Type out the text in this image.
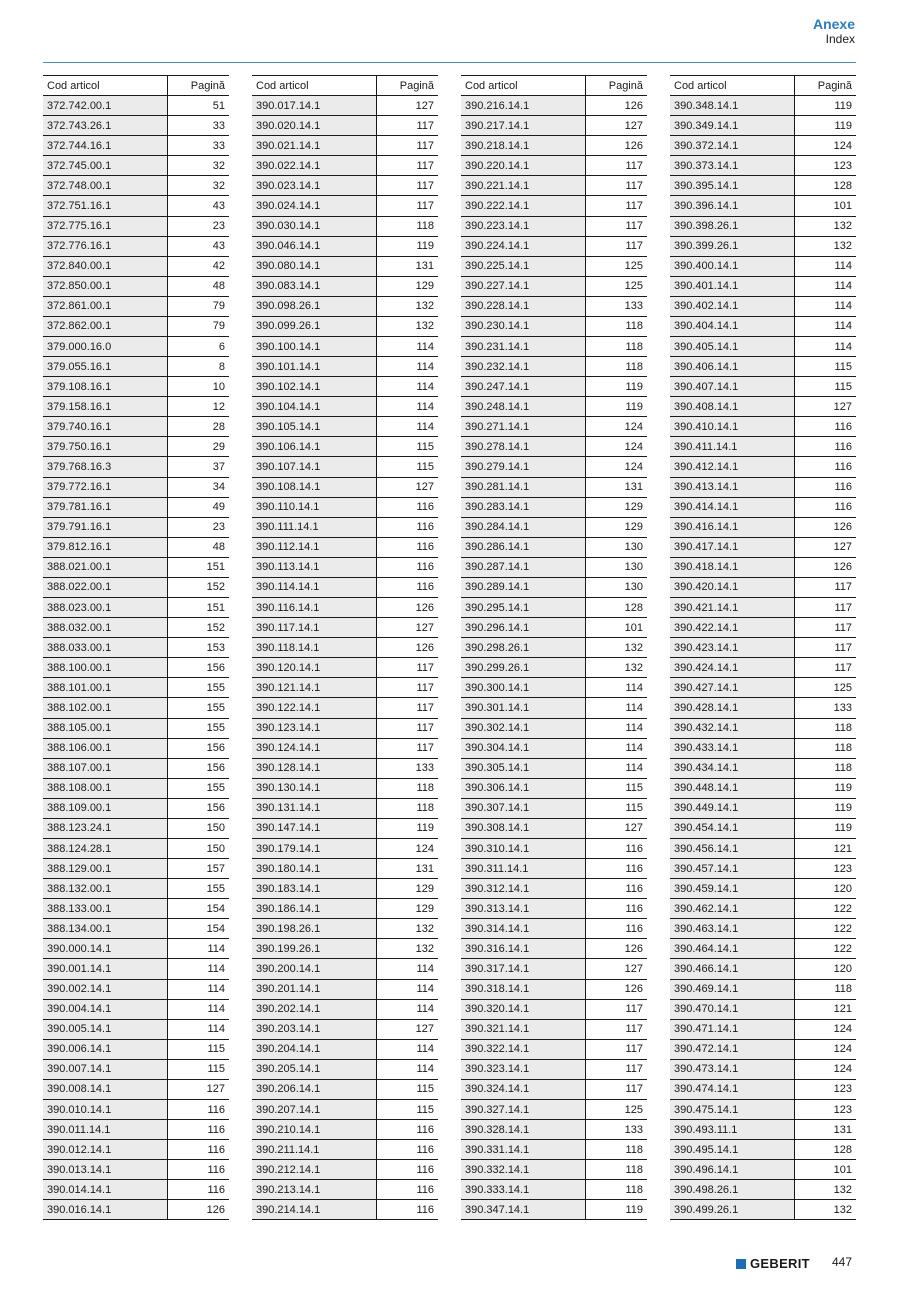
Anexe
Index
Cod articol	Pagină
372.742.00.1	51
372.743.26.1	33
372.744.16.1	33
372.745.00.1	32
372.748.00.1	32
372.751.16.1	43
372.775.16.1	23
372.776.16.1	43
372.840.00.1	42
372.850.00.1	48
372.861.00.1	79
372.862.00.1	79
379.000.16.0	6
379.055.16.1	8
379.108.16.1	10
379.158.16.1	12
379.740.16.1	28
379.750.16.1	29
379.768.16.3	37
379.772.16.1	34
379.781.16.1	49
379.791.16.1	23
379.812.16.1	48
388.021.00.1	151
388.022.00.1	152
388.023.00.1	151
388.032.00.1	152
388.033.00.1	153
388.100.00.1	156
388.101.00.1	155
388.102.00.1	155
388.105.00.1	155
388.106.00.1	156
388.107.00.1	156
388.108.00.1	155
388.109.00.1	156
388.123.24.1	150
388.124.28.1	150
388.129.00.1	157
388.132.00.1	155
388.133.00.1	154
388.134.00.1	154
390.000.14.1	114
390.001.14.1	114
390.002.14.1	114
390.004.14.1	114
390.005.14.1	114
390.006.14.1	115
390.007.14.1	115
390.008.14.1	127
390.010.14.1	116
390.011.14.1	116
390.012.14.1	116
390.013.14.1	116
390.014.14.1	116
390.016.14.1	126
Cod articol	Pagină
390.017.14.1	127
390.020.14.1	117
390.021.14.1	117
390.022.14.1	117
390.023.14.1	117
390.024.14.1	117
390.030.14.1	118
390.046.14.1	119
390.080.14.1	131
390.083.14.1	129
390.098.26.1	132
390.099.26.1	132
390.100.14.1	114
390.101.14.1	114
390.102.14.1	114
390.104.14.1	114
390.105.14.1	114
390.106.14.1	115
390.107.14.1	115
390.108.14.1	127
390.110.14.1	116
390.111.14.1	116
390.112.14.1	116
390.113.14.1	116
390.114.14.1	116
390.116.14.1	126
390.117.14.1	127
390.118.14.1	126
390.120.14.1	117
390.121.14.1	117
390.122.14.1	117
390.123.14.1	117
390.124.14.1	117
390.128.14.1	133
390.130.14.1	118
390.131.14.1	118
390.147.14.1	119
390.179.14.1	124
390.180.14.1	131
390.183.14.1	129
390.186.14.1	129
390.198.26.1	132
390.199.26.1	132
390.200.14.1	114
390.201.14.1	114
390.202.14.1	114
390.203.14.1	127
390.204.14.1	114
390.205.14.1	114
390.206.14.1	115
390.207.14.1	115
390.210.14.1	116
390.211.14.1	116
390.212.14.1	116
390.213.14.1	116
390.214.14.1	116
Cod articol	Pagină
390.216.14.1	126
390.217.14.1	127
390.218.14.1	126
390.220.14.1	117
390.221.14.1	117
390.222.14.1	117
390.223.14.1	117
390.224.14.1	117
390.225.14.1	125
390.227.14.1	125
390.228.14.1	133
390.230.14.1	118
390.231.14.1	118
390.232.14.1	118
390.247.14.1	119
390.248.14.1	119
390.271.14.1	124
390.278.14.1	124
390.279.14.1	124
390.281.14.1	131
390.283.14.1	129
390.284.14.1	129
390.286.14.1	130
390.287.14.1	130
390.289.14.1	130
390.295.14.1	128
390.296.14.1	101
390.298.26.1	132
390.299.26.1	132
390.300.14.1	114
390.301.14.1	114
390.302.14.1	114
390.304.14.1	114
390.305.14.1	114
390.306.14.1	115
390.307.14.1	115
390.308.14.1	127
390.310.14.1	116
390.311.14.1	116
390.312.14.1	116
390.313.14.1	116
390.314.14.1	116
390.316.14.1	126
390.317.14.1	127
390.318.14.1	126
390.320.14.1	117
390.321.14.1	117
390.322.14.1	117
390.323.14.1	117
390.324.14.1	117
390.327.14.1	125
390.328.14.1	133
390.331.14.1	118
390.332.14.1	118
390.333.14.1	118
390.347.14.1	119
Cod articol	Pagină
390.348.14.1	119
390.349.14.1	119
390.372.14.1	124
390.373.14.1	123
390.395.14.1	128
390.396.14.1	101
390.398.26.1	132
390.399.26.1	132
390.400.14.1	114
390.401.14.1	114
390.402.14.1	114
390.404.14.1	114
390.405.14.1	114
390.406.14.1	115
390.407.14.1	115
390.408.14.1	127
390.410.14.1	116
390.411.14.1	116
390.412.14.1	116
390.413.14.1	116
390.414.14.1	116
390.416.14.1	126
390.417.14.1	127
390.418.14.1	126
390.420.14.1	117
390.421.14.1	117
390.422.14.1	117
390.423.14.1	117
390.424.14.1	117
390.427.14.1	125
390.428.14.1	133
390.432.14.1	118
390.433.14.1	118
390.434.14.1	118
390.448.14.1	119
390.449.14.1	119
390.454.14.1	119
390.456.14.1	121
390.457.14.1	123
390.459.14.1	120
390.462.14.1	122
390.463.14.1	122
390.464.14.1	122
390.466.14.1	120
390.469.14.1	118
390.470.14.1	121
390.471.14.1	124
390.472.14.1	124
390.473.14.1	124
390.474.14.1	123
390.475.14.1	123
390.493.11.1	131
390.495.14.1	128
390.496.14.1	101
390.498.26.1	132
390.499.26.1	132
GEBERIT 447
